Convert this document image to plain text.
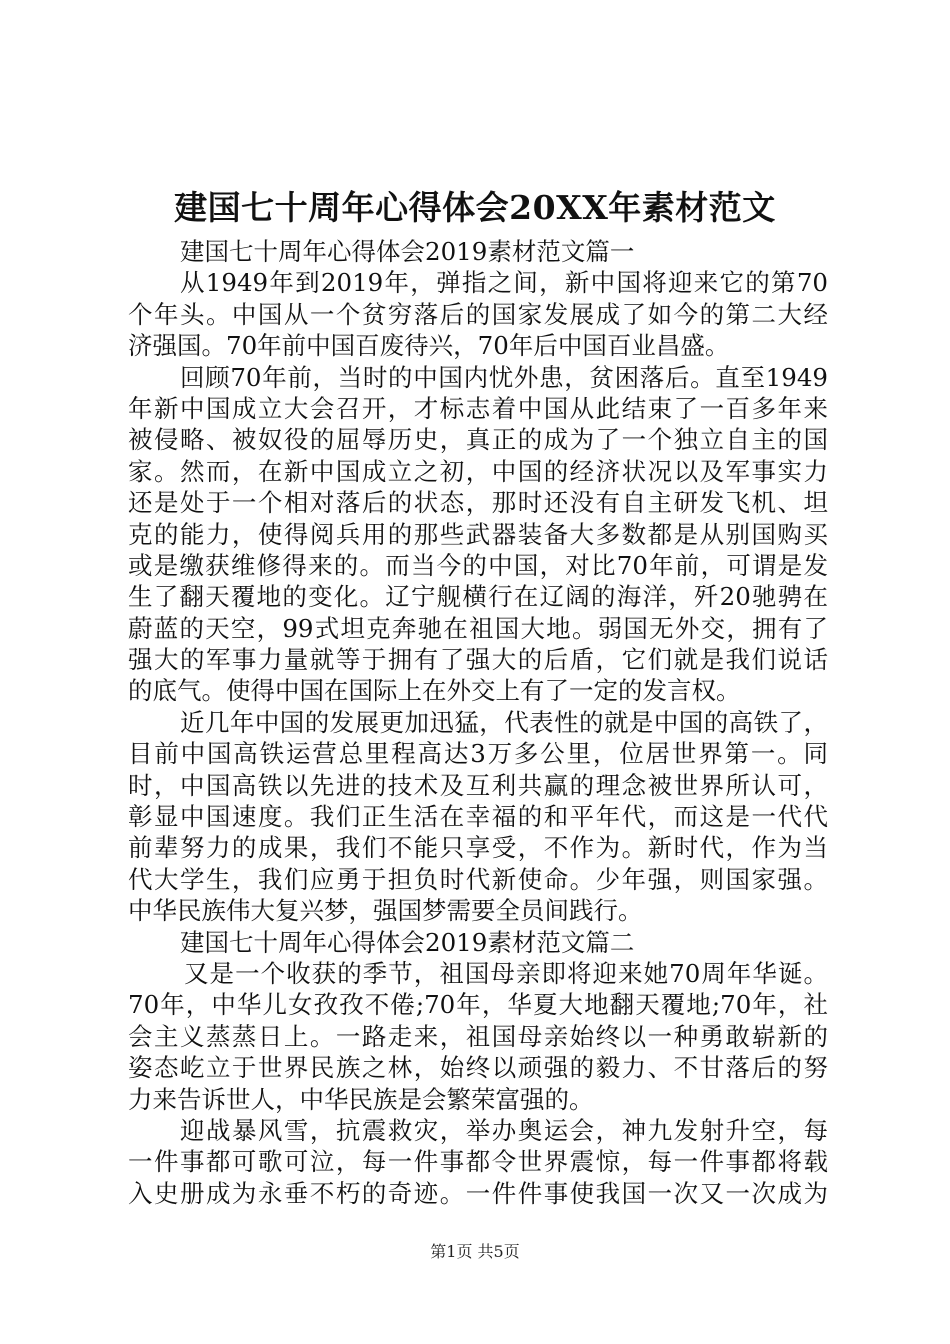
建国七十周年心得体会20XX年素材范文
建国七十周年心得体会2019素材范文篇一
从1949年到2019年，弹指之间，新中国将迎来它的第70
个年头。中国从一个贫穷落后的国家发展成了如今的第二大经
济强国。70年前中国百废待兴，70年后中国百业昌盛。
回顾70年前，当时的中国内忧外患，贫困落后。直至1949
年新中国成立大会召开，才标志着中国从此结束了一百多年来
被侵略、被奴役的屈辱历史，真正的成为了一个独立自主的国
家。然而，在新中国成立之初，中国的经济状况以及军事实力
还是处于一个相对落后的状态，那时还没有自主研发飞机、坦
克的能力，使得阅兵用的那些武器装备大多数都是从别国购买
或是缴获维修得来的。而当今的中国，对比70年前，可谓是发
生了翻天覆地的变化。辽宁舰横行在辽阔的海洋，歼20驰骋在
蔚蓝的天空，99式坦克奔驰在祖国大地。弱国无外交，拥有了
强大的军事力量就等于拥有了强大的后盾，它们就是我们说话
的底气。使得中国在国际上在外交上有了一定的发言权。
近几年中国的发展更加迅猛，代表性的就是中国的高铁了，
目前中国高铁运营总里程高达3万多公里，位居世界第一。同
时，中国高铁以先进的技术及互利共赢的理念被世界所认可，
彰显中国速度。我们正生活在幸福的和平年代，而这是一代代
前辈努力的成果，我们不能只享受，不作为。新时代，作为当
代大学生，我们应勇于担负时代新使命。少年强，则国家强。
中华民族伟大复兴梦，强国梦需要全员间践行。
建国七十周年心得体会2019素材范文篇二
又是一个收获的季节，祖国母亲即将迎来她70周年华诞。
70年，中华儿女孜孜不倦;70年，华夏大地翻天覆地;70年，社
会主义蒸蒸日上。一路走来，祖国母亲始终以一种勇敢崭新的
姿态屹立于世界民族之林，始终以顽强的毅力、不甘落后的努
力来告诉世人，中华民族是会繁荣富强的。
迎战暴风雪，抗震救灾，举办奥运会，神九发射升空，每
一件事都可歌可泣，每一件事都令世界震惊，每一件事都将载
入史册成为永垂不朽的奇迹。一件件事使我国一次又一次成为
第1页 共5页
